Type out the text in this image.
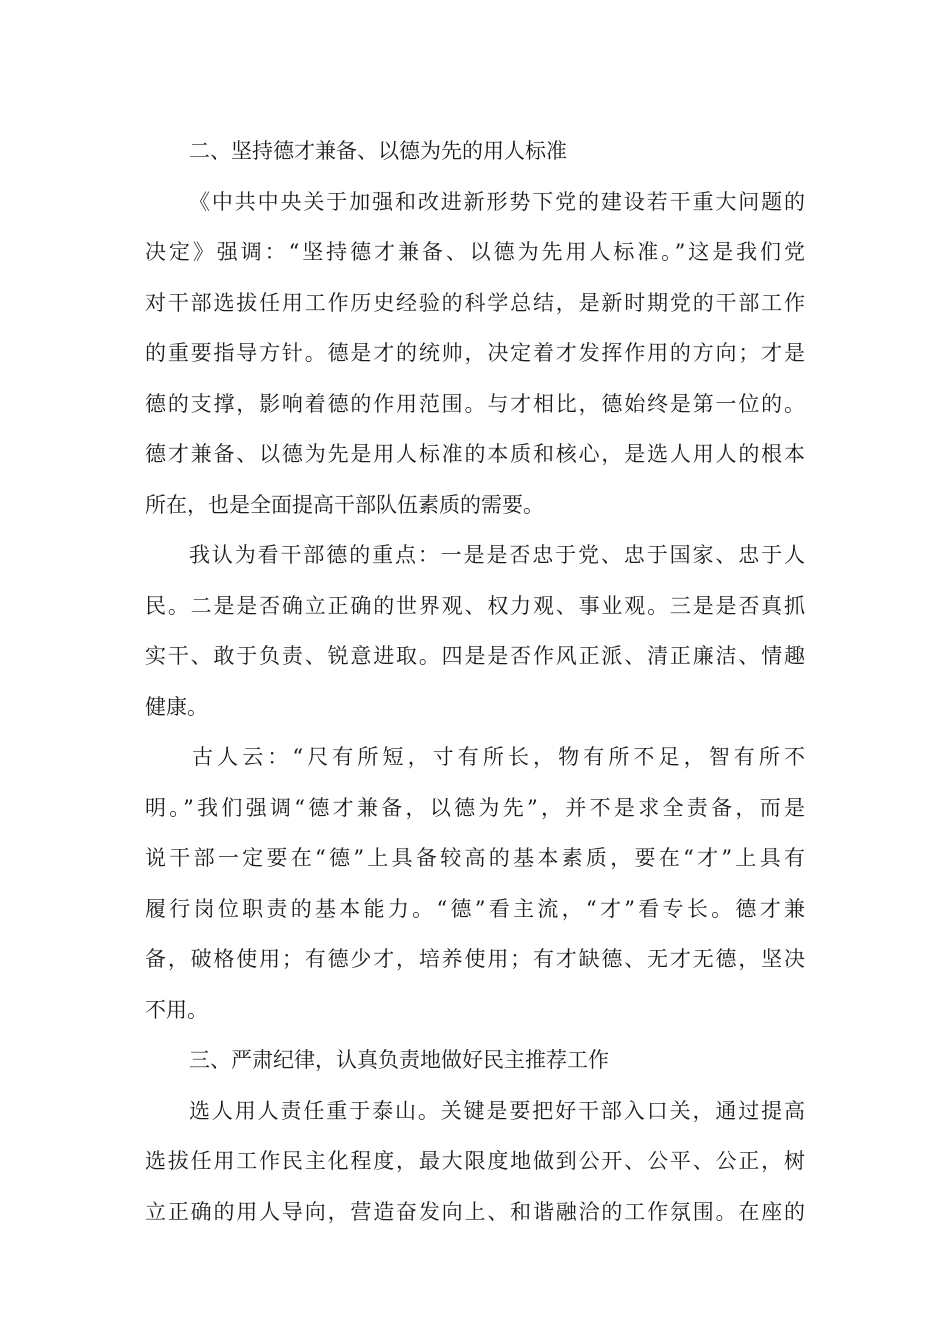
二、坚持德才兼备、以德为先的用人标准

《中共中央关于加强和改进新形势下党的建设若干重大问题的

决定》强调：“坚持德才兼备、以德为先用人标准。”这是我们党

对干部选拔任用工作历史经验的科学总结，是新时期党的干部工作

的重要指导方针。德是才的统帅，决定着才发挥作用的方向；才是

德的支撑，影响着德的作用范围。与才相比，德始终是第一位的。

德才兼备、以德为先是用人标准的本质和核心，是选人用人的根本

所在，也是全面提高干部队伍素质的需要。

我认为看干部德的重点：一是是否忠于党、忠于国家、忠于人

民。二是是否确立正确的世界观、权力观、事业观。三是是否真抓

实干、敢于负责、锐意进取。四是是否作风正派、清正廉洁、情趣

健康。

古人云：“尺有所短，寸有所长，物有所不足，智有所不

明。”我们强调“德才兼备，以德为先”，并不是求全责备，而是

说干部一定要在“德”上具备较高的基本素质，要在“才”上具有

履行岗位职责的基本能力。“德”看主流，“才”看专长。德才兼

备，破格使用；有德少才，培养使用；有才缺德、无才无德，坚决

不用。

三、严肃纪律，认真负责地做好民主推荐工作

选人用人责任重于泰山。关键是要把好干部入口关，通过提高

选拔任用工作民主化程度，最大限度地做到公开、公平、公正，树

立正确的用人导向，营造奋发向上、和谐融洽的工作氛围。在座的
